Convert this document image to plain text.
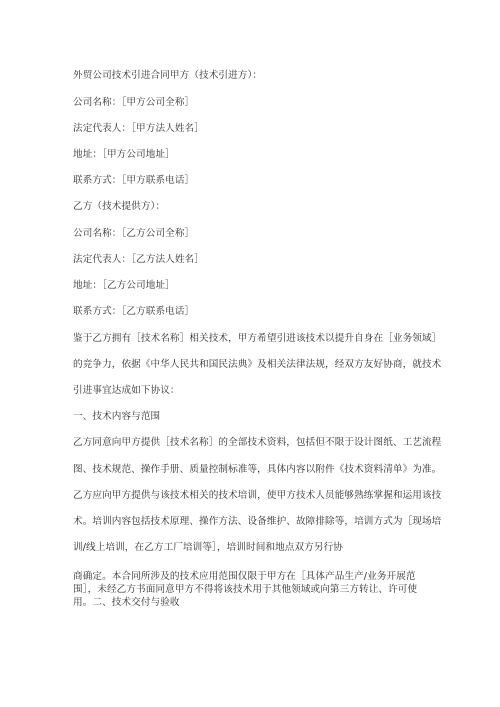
外贸公司技术引进合同甲方（技术引进方）：
公司名称：［甲方公司全称］
法定代表人：［甲方法人姓名］
地址：［甲方公司地址］
联系方式：［甲方联系电话］
乙方（技术提供方）：
公司名称：［乙方公司全称］
法定代表人：［乙方法人姓名］
地址：［乙方公司地址］
联系方式：［乙方联系电话］
鉴于乙方拥有［技术名称］相关技术，甲方希望引进该技术以提升自身在［业务领域］
的竞争力，依据《中华人民共和国民法典》及相关法律法规，经双方友好协商，就技术
引进事宜达成如下协议：
一、技术内容与范围
乙方同意向甲方提供［技术名称］的全部技术资料，包括但不限于设计图纸、工艺流程
图、技术规范、操作手册、质量控制标准等，具体内容以附件《技术资料清单》为准。
乙方应向甲方提供与该技术相关的技术培训，使甲方技术人员能够熟练掌握和运用该技
术。培训内容包括技术原理、操作方法、设备维护、故障排除等，培训方式为［现场培
训/线上培训，在乙方工厂培训等］，培训时间和地点双方另行协
商确定。本合同所涉及的技术应用范围仅限于甲方在［具体产品生产/业务开展范围］，未经乙方书面同意甲方不得将该技术用于其他领域或向第三方转让、许可使用。二、技术交付与验收
